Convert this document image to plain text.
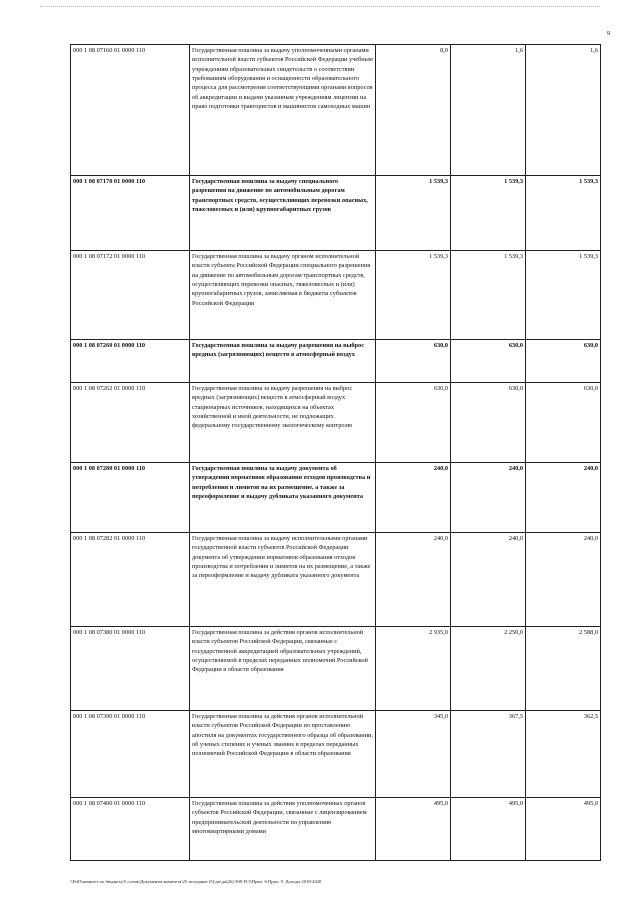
9
000 1 08 07160 01 0000 110	Государственная пошлина за выдачу уполномоченными органами исполнительной власти субъектов Российской Федерации учебным учреждениям образовательных свидетельств о соответствии требованиям оборудования и оснащенности образовательного процесса для рассмотрения соответствующими органами вопросов об аккредитации и выдачи указанным учреждениям лицензии на право подготовки трактористов и машинистов самоходных машин	8,0	1,6	1,6
000 1 08 07170 01 0000 110	Государственная пошлина за выдачу специального разрешения на движение по автомобильным дорогам транспортных средств, осуществляющих перевозки опасных, тяжеловесных и (или) крупногабаритных грузов	1 539,3	1 539,3	1 539,3
000 1 08 07172 01 0000 110	Государственная пошлина за выдачу органом исполнительной власти субъекта Российской Федерации специального разрешения на движение по автомобильным дорогам транспортных средств, осуществляющих перевозки опасных, тяжеловесных и (или) крупногабаритных грузов, зачисляемая в бюджеты субъектов Российской Федерации	1 539,3	1 539,3	1 539,3
000 1 08 07260 01 0000 110	Государственная пошлина за выдачу разрешения на выброс вредных (загрязняющих) веществ в атмосферный воздух	630,0	630,0	630,0
000 1 08 07262 01 0000 110	Государственная пошлина за выдачу разрешения на выброс вредных (загрязняющих) веществ в атмосферный воздух стационарных источников, находящихся на объектах хозяйственной и иной деятельности, не подлежащих федеральному государственному экологическому контролю	630,0	630,0	630,0
000 1 08 07280 01 0000 110	Государственная пошлина за выдачу документа об утверждении нормативов образования отходов производства и потребления и лимитов на их размещение, а также за переоформление и выдачу дубликата указанного документа	240,0	240,0	240,0
000 1 08 07282 01 0000 110	Государственная пошлина за выдачу исполнительными органами государственной власти субъектов Российской Федерации документа об утверждении нормативов образования отходов производства и потребления и лимитов на их размещение, а также за переоформление и выдачу дубликата указанного документа	240,0	240,0	240,0
000 1 08 07380 01 0000 110	Государственная пошлина за действия органов исполнительной власти субъектов Российской Федерации, связанные с государственной аккредитацией образовательных учреждений, осуществляемой в пределах переданных полномочий Российской Федерации в области образования	2 935,0	2 250,0	2 588,0
000 1 08 07390 01 0000 110	Государственная пошлина за действия органов исполнительной власти субъектов Российской Федерации по проставлению апостиля на документах государственного образца об образовании, об ученых степенях и ученых званиях в пределах переданных полномочий Российской Федерации в области образования	345,0	367,5	362,5
000 1 08 07400 01 0000 110	Государственная пошлина за действия уполномоченных органов субъектов Российской Федерации, связанные с лицензированием предпринимательской деятельности по управлению многоквартирными домами	495,0	495,0	495,0
\\Fs03\комитет по бюджету\5 созыв\Документы комитета\25 заседание (5)\дп\дп(26) 508-П-5\Прил. 6 Прил. 9. Доходы 2018-2020
